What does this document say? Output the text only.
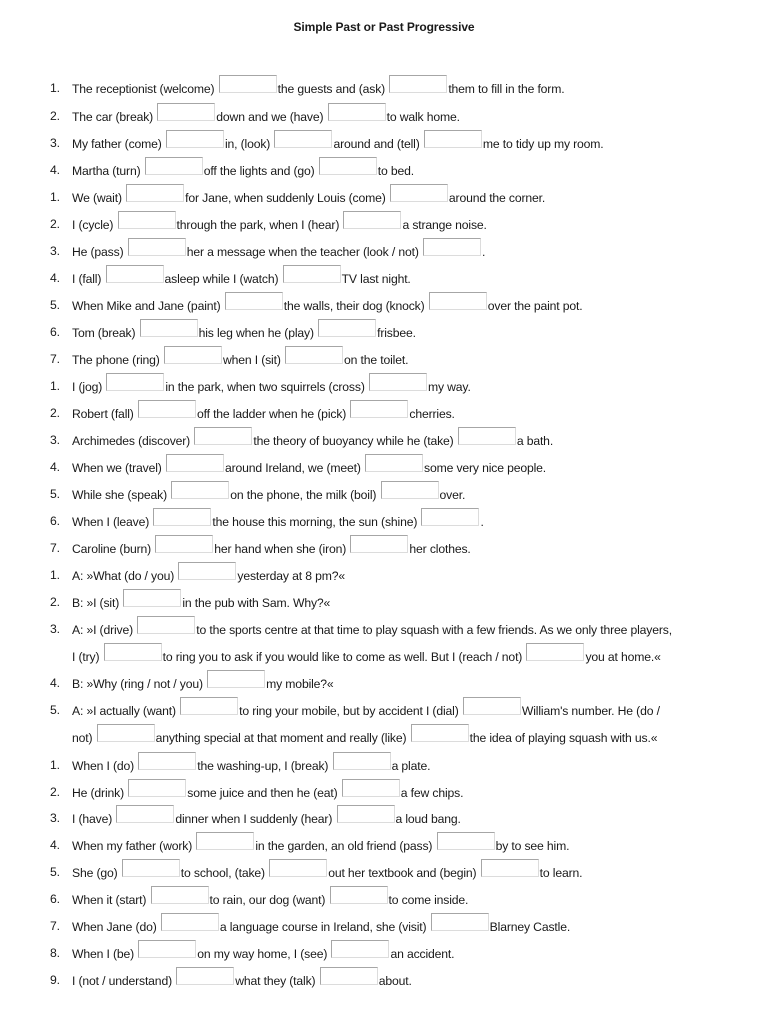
Simple Past or Past Progressive
1. The receptionist (welcome)	the guests and (ask)	them to fill in the form.
2. The car (break)	down and we (have)	to walk home.
3. My father (come)	in, (look)	around and (tell)	me to tidy up my room.
4. Martha (turn)	off the lights and (go)	to bed.
1. We (wait)	for Jane, when suddenly Louis (come)	around the corner.
2. I (cycle)	through the park, when I (hear)	a strange noise.
3. He (pass)	her a message when the teacher (look / not)	.
4. I (fall)	asleep while I (watch)	TV last night.
5. When Mike and Jane (paint)	the walls, their dog (knock)	over the paint pot.
6. Tom (break)	his leg when he (play)	frisbee.
7. The phone (ring)	when I (sit)	on the toilet.
1. I (jog)	in the park, when two squirrels (cross)	my way.
2. Robert (fall)	off the ladder when he (pick)	cherries.
3. Archimedes (discover)	the theory of buoyancy while he (take)	a bath.
4. When we (travel)	around Ireland, we (meet)	some very nice people.
5. While she (speak)	on the phone, the milk (boil)	over.
6. When I (leave)	the house this morning, the sun (shine)	.
7. Caroline (burn)	her hand when she (iron)	her clothes.
1. A: »What (do / you)	yesterday at 8 pm?«
2. B: »I (sit)	in the pub with Sam. Why?«
3. A: »I (drive)	to the sports centre at that time to play squash with a few friends. As we only three players,
I (try)	to ring you to ask if you would like to come as well. But I (reach / not)	you at home.«
4. B: »Why (ring / not / you)	my mobile?«
5. A: »I actually (want)	to ring your mobile, but by accident I (dial)	William's number. He (do /
not)	anything special at that moment and really (like)	the idea of playing squash with us.«
1. When I (do)	the washing-up, I (break)	a plate.
2. He (drink)	some juice and then he (eat)	a few chips.
3. I (have)	dinner when I suddenly (hear)	a loud bang.
4. When my father (work)	in the garden, an old friend (pass)	by to see him.
5. She (go)	to school, (take)	out her textbook and (begin)	to learn.
6. When it (start)	to rain, our dog (want)	to come inside.
7. When Jane (do)	a language course in Ireland, she (visit)	Blarney Castle.
8. When I (be)	on my way home, I (see)	an accident.
9. I (not / understand)	what they (talk)	about.
